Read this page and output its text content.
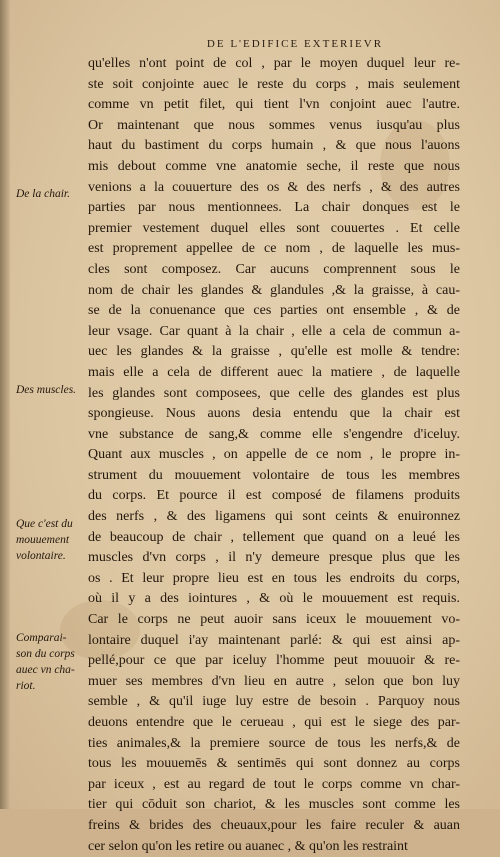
DE L'EDIFICE EXTERIEVR
qu'elles n'ont point de col , par le moyen duquel leur re-
ste soit conjointe auec le reste du corps , mais seulement
comme vn petit filet, qui tient l'vn conjoint auec l'autre.
Or maintenant que nous sommes venus iusqu'au plus
haut du bastiment du corps humain , & que nous l'auons
mis debout comme vne anatomie seche, il reste que nous
venions a la couuerture des os & des nerfs , & des autres
parties par nous mentionnees. La chair donques est le
premier vestement duquel elles sont couuertes . Et celle
est proprement appellee de ce nom , de laquelle les mus-
cles sont composez. Car aucuns comprennent sous le
nom de chair les glandes & glandules ,& la graisse, à cau-
se de la conuenance que ces parties ont ensemble , & de
leur vsage. Car quant à la chair , elle a cela de commun a-
uec les glandes & la graisse , qu'elle est molle & tendre:
mais elle a cela de different auec la matiere , de laquelle
les glandes sont composees, que celle des glandes est plus
spongieuse. Nous auons desia entendu que la chair est
vne substance de sang,& comme elle s'engendre d'iceluy.
Quant aux muscles , on appelle de ce nom , le propre in-
strument du mouuement volontaire de tous les membres
du corps. Et pource il est composé de filamens produits
des nerfs , & des ligamens qui sont ceints & enuironnez
de beaucoup de chair , tellement que quand on a leué les
muscles d'vn corps , il n'y demeure presque plus que les
os . Et leur propre lieu est en tous les endroits du corps,
où il y a des iointures , & où le mouuement est requis.
Car le corps ne peut auoir sans iceux le mouuement vo-
lontaire duquel i'ay maintenant parlé: & qui est ainsi ap-
pellé,pour ce que par iceluy l'homme peut mouuoir & re-
muer ses membres d'vn lieu en autre , selon que bon luy
semble , & qu'il iuge luy estre de besoin . Parquoy nous
deuons entendre que le cerueau , qui est le siege des par-
ties animales,& la premiere source de tous les nerfs,& de
tous les mouuemēs & sentimēs qui sont donnez au corps
par iceux , est au regard de tout le corps comme vn char-
tier qui cōduit son chariot, & les muscles sont comme les
freins & brides des cheuaux,pour les faire reculer & auan
cer selon qu'on les retire ou auanec , & qu'on les restraint
De la chair.
Des muscles.
Que c'est du
mouuement
volontaire.
Comparai-
son du corps
auec vn cha-
riot.
